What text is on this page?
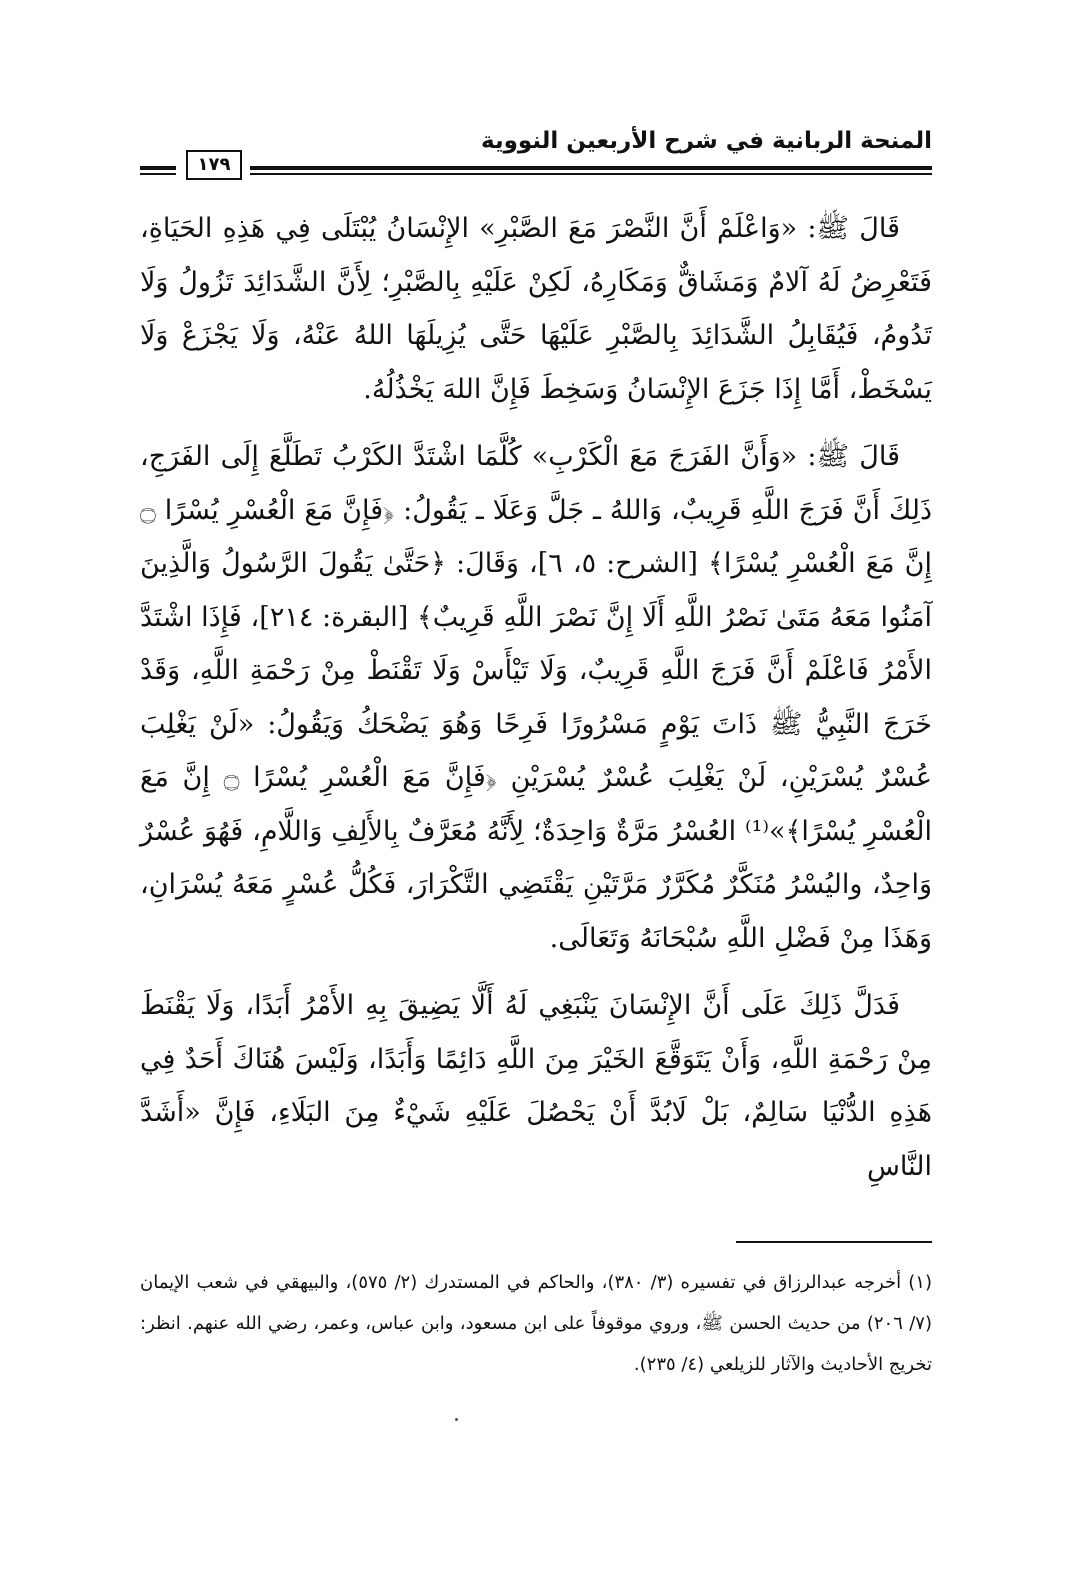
المنحة الربانية في شرح الأربعين النووية
١٧٩

قَالَ ﷺ: «وَاعْلَمْ أَنَّ النَّصْرَ مَعَ الصَّبْرِ» الإِنْسَانُ يُبْتَلَى فِي هَذِهِ الحَيَاةِ، فَتَعْرِضُ لَهُ آلامٌ وَمَشَاقٌّ وَمَكَارِهُ، لَكِنْ عَلَيْهِ بِالصَّبْرِ؛ لِأَنَّ الشَّدَائِدَ تَزُولُ وَلَا تَدُومُ، فَيُقَابِلُ الشَّدَائِدَ بِالصَّبْرِ عَلَيْهَا حَتَّى يُزِيلَهَا اللهُ عَنْهُ، وَلَا يَجْزَعْ وَلَا يَسْخَطْ، أَمَّا إِذَا جَزَعَ الإِنْسَانُ وَسَخِطَ فَإِنَّ اللهَ يَخْذُلُهُ.

قَالَ ﷺ: «وَأَنَّ الفَرَجَ مَعَ الْكَرْبِ» كُلَّمَا اشْتَدَّ الكَرْبُ تَطَلَّعَ إِلَى الفَرَجِ، ذَلِكَ أَنَّ فَرَجَ اللَّهِ قَرِيبٌ، وَاللهُ ـ جَلَّ وَعَلَا ـ يَقُولُ: ﴿فَإِنَّ مَعَ الْعُسْرِ يُسْرًا ۝ إِنَّ مَعَ الْعُسْرِ يُسْرًا﴾ [الشرح: ٥، ٦]، وَقَالَ: ﴿حَتَّىٰ يَقُولَ الرَّسُولُ وَالَّذِينَ آمَنُوا مَعَهُ مَتَىٰ نَصْرُ اللَّهِ أَلَا إِنَّ نَصْرَ اللَّهِ قَرِيبٌ﴾ [البقرة: ٢١٤]، فَإِذَا اشْتَدَّ الأَمْرُ فَاعْلَمْ أَنَّ فَرَجَ اللَّهِ قَرِيبٌ، وَلَا تَيْأَسْ وَلَا تَقْنَطْ مِنْ رَحْمَةِ اللَّهِ، وَقَدْ خَرَجَ النَّبِيُّ ﷺ ذَاتَ يَوْمٍ مَسْرُورًا فَرِحًا وَهُوَ يَضْحَكُ وَيَقُولُ: «لَنْ يَغْلِبَ عُسْرٌ يُسْرَيْنِ، لَنْ يَغْلِبَ عُسْرٌ يُسْرَيْنِ ﴿فَإِنَّ مَعَ الْعُسْرِ يُسْرًا ۝ إِنَّ مَعَ الْعُسْرِ يُسْرًا﴾»⁽¹⁾ العُسْرُ مَرَّةٌ وَاحِدَةٌ؛ لِأَنَّهُ مُعَرَّفٌ بِالأَلِفِ وَاللَّامِ، فَهُوَ عُسْرٌ وَاحِدٌ، واليُسْرُ مُنَكَّرٌ مُكَرَّرٌ مَرَّتَيْنِ يَقْتَضِي التَّكْرَارَ، فَكُلُّ عُسْرٍ مَعَهُ يُسْرَانِ، وَهَذَا مِنْ فَضْلِ اللَّهِ سُبْحَانَهُ وَتَعَالَى.

فَدَلَّ ذَلِكَ عَلَى أَنَّ الإِنْسَانَ يَنْبَغِي لَهُ أَلَّا يَضِيقَ بِهِ الأَمْرُ أَبَدًا، وَلَا يَقْنَطَ مِنْ رَحْمَةِ اللَّهِ، وَأَنْ يَتَوَقَّعَ الخَيْرَ مِنَ اللَّهِ دَائِمًا وَأَبَدًا، وَلَيْسَ هُنَاكَ أَحَدٌ فِي هَذِهِ الدُّنْيَا سَالِمٌ، بَلْ لَابُدَّ أَنْ يَحْصُلَ عَلَيْهِ شَيْءٌ مِنَ البَلَاءِ، فَإِنَّ «أَشَدَّ النَّاسِ

(١) أخرجه عبدالرزاق في تفسيره (٣/ ٣٨٠)، والحاكم في المستدرك (٢/ ٥٧٥)، والبيهقي في شعب الإيمان (٧/ ٢٠٦) من حديث الحسن ﷺ، وروي موقوفاً على ابن مسعود، وابن عباس، وعمر، رضي الله عنهم. انظر: تخريج الأحاديث والآثار للزيلعي (٤/ ٢٣٥).
